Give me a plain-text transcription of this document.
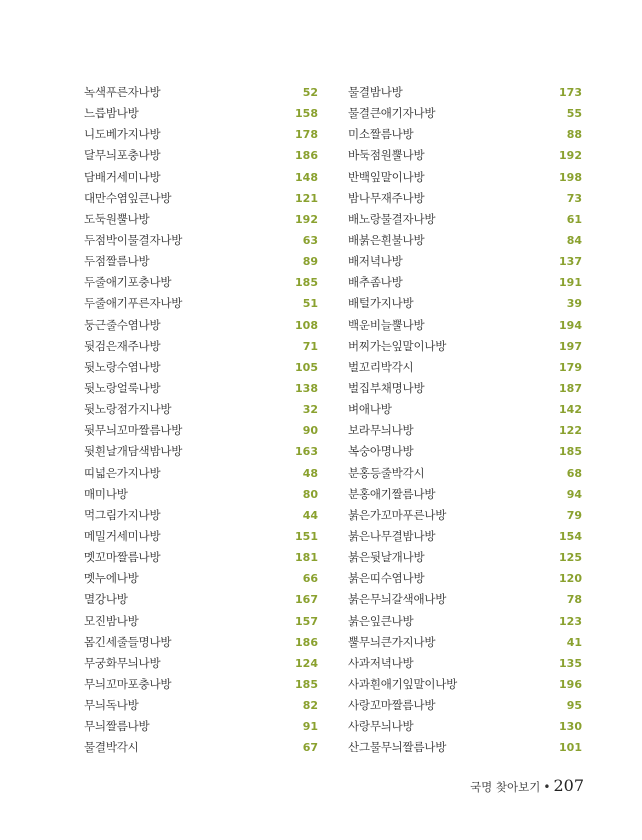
녹색푸른자나방	52
느릅밤나방	158
니도베가지나방	178
달무늬포충나방	186
담배거세미나방	148
대만수염잎큰나방	121
도둑원뿔나방	192
두점박이물결자나방	63
두점짤름나방	89
두줄애기포충나방	185
두줄애기푸른자나방	51
둥근줄수염나방	108
뒷검은재주나방	71
뒷노랑수염나방	105
뒷노랑얼룩나방	138
뒷노랑점가지나방	32
뒷무늬꼬마짤름나방	90
뒷흰날개담색밤나방	163
띠넓은가지나방	48
매미나방	80
먹그림가지나방	44
메밀거세미나방	151
멧꼬마짤름나방	181
멧누에나방	66
멸강나방	167
모진밤나방	157
몸긴세줄들명나방	186
무궁화무늬나방	124
무늬꼬마포충나방	185
무늬독나방	82
무늬짤름나방	91
물결박각시	67
물결밤나방	173
물결큰애기자나방	55
미소짤름나방	88
바둑점원뿔나방	192
반백잎말이나방	198
밤나무재주나방	73
배노랑물결자나방	61
배붉은흰불나방	84
배저녁나방	137
배추좀나방	191
배털가지나방	39
백운비늘뿔나방	194
버찌가는잎말이나방	197
벌꼬리박각시	179
벌집부채명나방	187
벼애나방	142
보라무늬나방	122
복숭아명나방	185
분홍등줄박각시	68
분홍애기짤름나방	94
붉은가꼬마푸른나방	79
붉은나무결밤나방	154
붉은뒷날개나방	125
붉은띠수염나방	120
붉은무늬갈색애나방	78
붉은잎큰나방	123
뿔무늬큰가지나방	41
사과저녁나방	135
사과흰애기잎말이나방	196
사랑꼬마짤름나방	95
사랑무늬나방	130
산그물무늬짤름나방	101
국명 찾아보기 • 207
